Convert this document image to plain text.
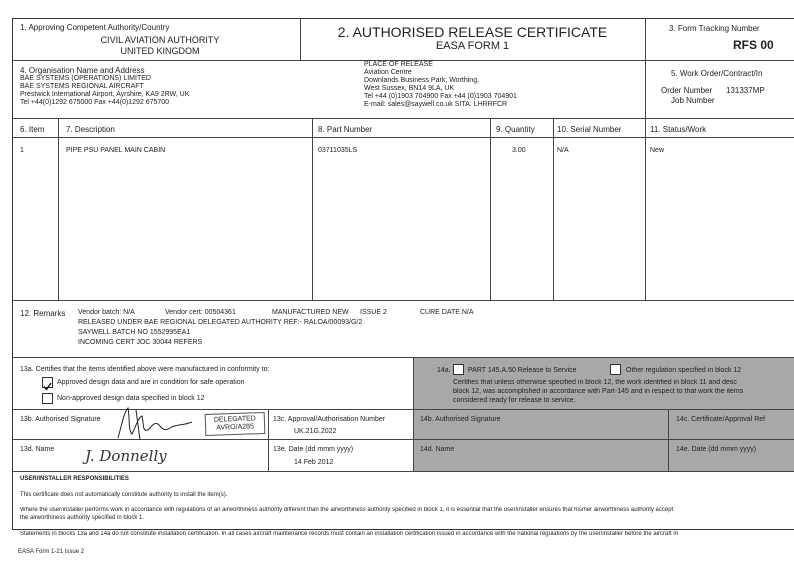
1. Approving Competent Authority/Country
CIVIL AVIATION AUTHORITY
UNITED KINGDOM
2. AUTHORISED RELEASE CERTIFICATE
EASA FORM 1
3. Form Tracking Number
RFS 00
4. Organisation Name and Address
BAE SYSTEMS (OPERATIONS) LIMITED
BAE SYSTEMS REGIONAL AIRCRAFT
Prestwick International Airport, Ayrshire, KA9 2RW, UK
Tel +44(0)1292 675000 Fax +44(0)1292 675700
PLACE OF RELEASE
Aviation Centre
Downlands Business Park, Worthing,
West Sussex, BN14 9LA, UK
Tel +44 (0)1903 704900 Fax +44 (0)1903 704901
E-mail: sales@saywell.co.uk SITA: LHRRFCR
5. Work Order/Contract/In
Order Number 131337MP
Job Number
6. Item	7. Description	8. Part Number	9. Quantity	10. Serial Number	11. Status/Work
1	PIPE PSU PANEL MAIN CABIN	03711035LS	3.00	N/A	New
12. Remarks Vendor batch: N/A	Vendor cert: 00504361	MANUFACTURED NEW ISSUE 2	CURE DATE N/A
RELEASED UNDER BAE REGIONAL DELEGATED AUTHORITY REF:- RALOA/00093/G/2
SAYWELL BATCH NO 1552995EA1
INCOMING CERT JOC 30044 REFERS
13a. Certifies that the items identified above were manufactured in conformity to:
Approved design data and are in condition for safe operation
Non-approved design data specified in block 12
14a. PART 145.A.50 Release to Service	Other regulation specified in block 12
Certifies that unless otherwise specified in block 12, the work identified in block 11 and desc
block 12, was accomplished in accordance with Part-145 and in respect to that work the items
considered ready for release to service.
13b. Authorised Signature	DELEGATED
AVRO/A285
13c. Approval/Authorisation Number
UK.21G.2022
13d. Name J. Donnelly	13e. Date (dd mmm yyyy)
14 Feb 2012
14b. Authorised Signature	14c. Certificate/Approval Ref
14d. Name	14e. Date (dd mmm yyyy)
USER/INSTALLER RESPONSIBILITIES
This certificate does not automatically constitute authority to install the item(s).
Where the user/installer performs work in accordance with regulations of an airworthiness authority different than the airworthiness authority specified in block 1, it is essential that the user/installer ensures that his/her airworthiness authority accept
the airworthiness authority specified in block 1.
Statements in blocks 13a and 14a do not constitute installation certification. In all cases aircraft maintenance records must contain an installation certification issued in accordance with the national regulations by the user/installer before the aircraft m
EASA Form 1-21 Issue 2
